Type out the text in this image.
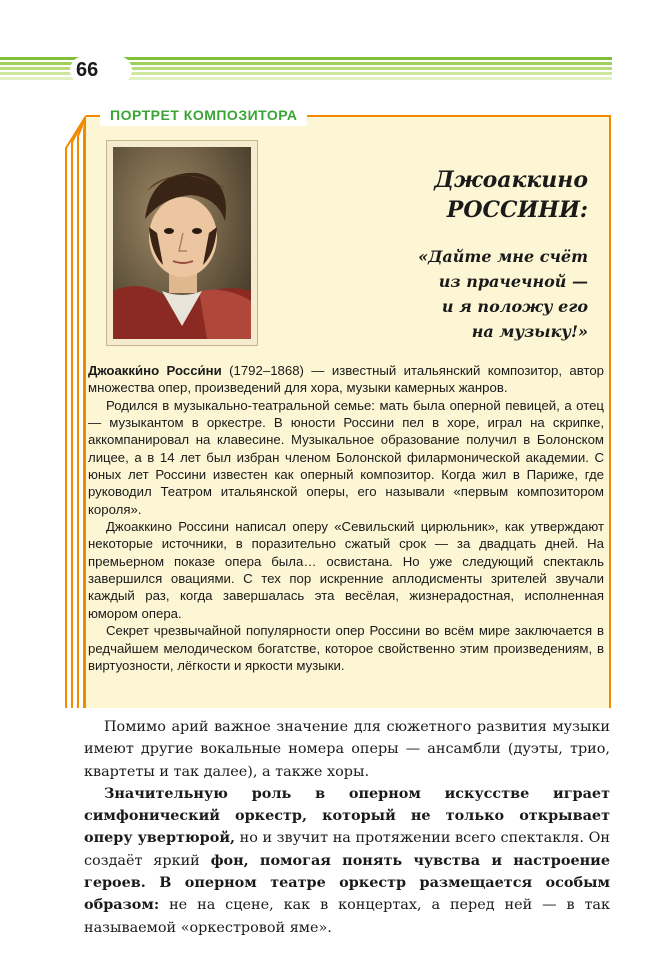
66
ПОРТРЕТ КОМПОЗИТОРА
Джоаккино
РОССИНИ:
«Дайте мне счёт
из прачечной —
и я положу его
на музыку!»

Джоакки́но Росси́ни (1792–1868) — известный итальянский композитор, автор множества опер, произведений для хора, музыки камерных жанров.

Родился в музыкально-театральной семье: мать была оперной певицей, а отец — музыкантом в оркестре. В юности Россини пел в хоре, играл на скрипке, аккомпанировал на клавесине. Музыкальное образование получил в Болонском лицее, а в 14 лет был избран членом Болонской филармонической академии. С юных лет Россини известен как оперный композитор. Когда жил в Париже, где руководил Театром итальянской оперы, его называли «первым композитором короля».

Джоаккино Россини написал оперу «Севильский цирюльник», как утверждают некоторые источники, в поразительно сжатый срок — за двадцать дней. На премьерном показе опера была… освистана. Но уже следующий спектакль завершился овациями. С тех пор искренние аплодисменты зрителей звучали каждый раз, когда завершалась эта весёлая, жизнерадостная, исполненная юмором опера.

Секрет чрезвычайной популярности опер Россини во всём мире заключается в редчайшем мелодическом богатстве, которое свойственно этим произведениям, в виртуозности, лёгкости и яркости музыки.

Помимо арий важное значение для сюжетного развития музыки имеют другие вокальные номера оперы — ансамбли (дуэты, трио, квартеты и так далее), а также хоры.

Значительную роль в оперном искусстве играет симфонический оркестр, который не только открывает оперу увертюрой, но и звучит на протяжении всего спектакля. Он создаёт яркий фон, помогая понять чувства и настроение героев. В оперном театре оркестр размещается особым образом: не на сцене, как в концертах, а перед ней — в так называемой «оркестровой яме».
